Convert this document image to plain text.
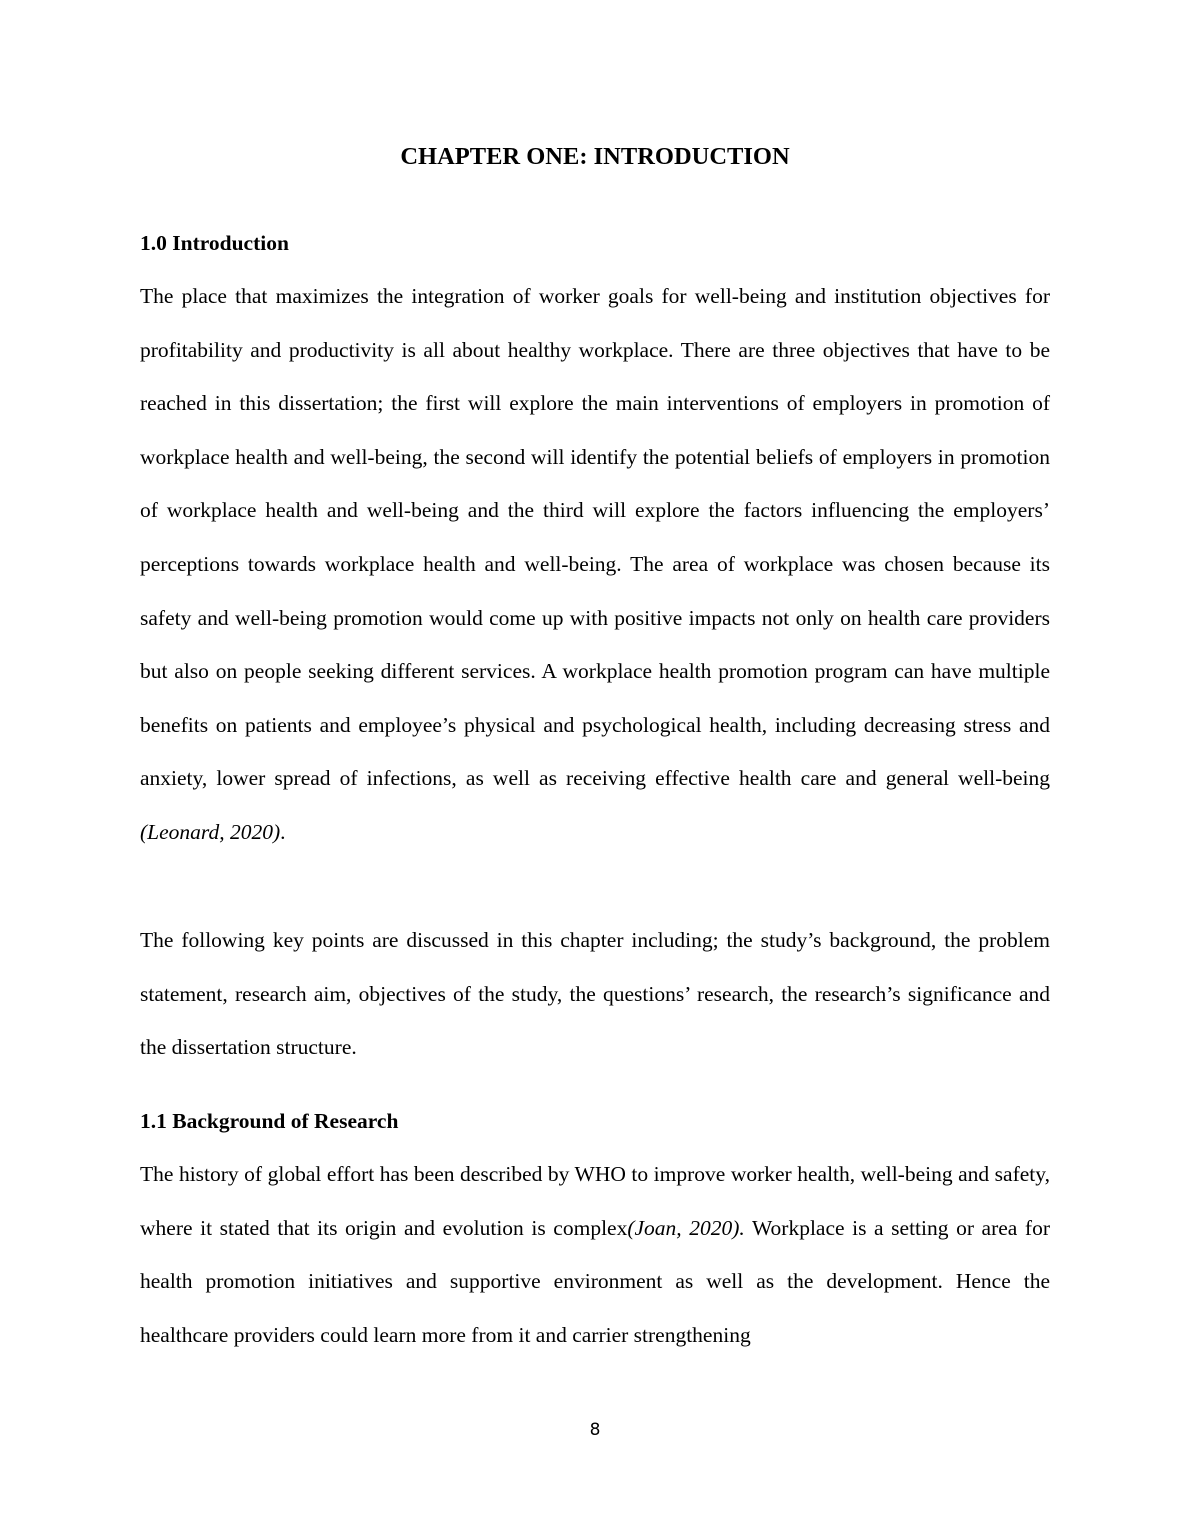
CHAPTER ONE: INTRODUCTION
1.0 Introduction

The place that maximizes the integration of worker goals for well-being and institution objectives for profitability and productivity is all about healthy workplace. There are three objectives that have to be reached in this dissertation; the first will explore the main interventions of employers in promotion of workplace health and well-being, the second will identify the potential beliefs of employers in promotion of workplace health and well-being and the third will explore the factors influencing the employers’ perceptions towards workplace health and well-being. The area of workplace was chosen because its safety and well-being promotion would come up with positive impacts not only on health care providers but also on people seeking different services. A workplace health promotion program can have multiple benefits on patients and employee’s physical and psychological health, including decreasing stress and anxiety, lower spread of infections, as well as receiving effective health care and general well-being (Leonard, 2020).

The following key points are discussed in this chapter including; the study’s background, the problem statement, research aim, objectives of the study, the questions’ research, the research’s significance and the dissertation structure.

1.1 Background of Research

The history of global effort has been described by WHO to improve worker health, well-being and safety, where it stated that its origin and evolution is complex(Joan, 2020). Workplace is a setting or area for health promotion initiatives and supportive environment as well as the development. Hence the healthcare providers could learn more from it and carrier strengthening

8
